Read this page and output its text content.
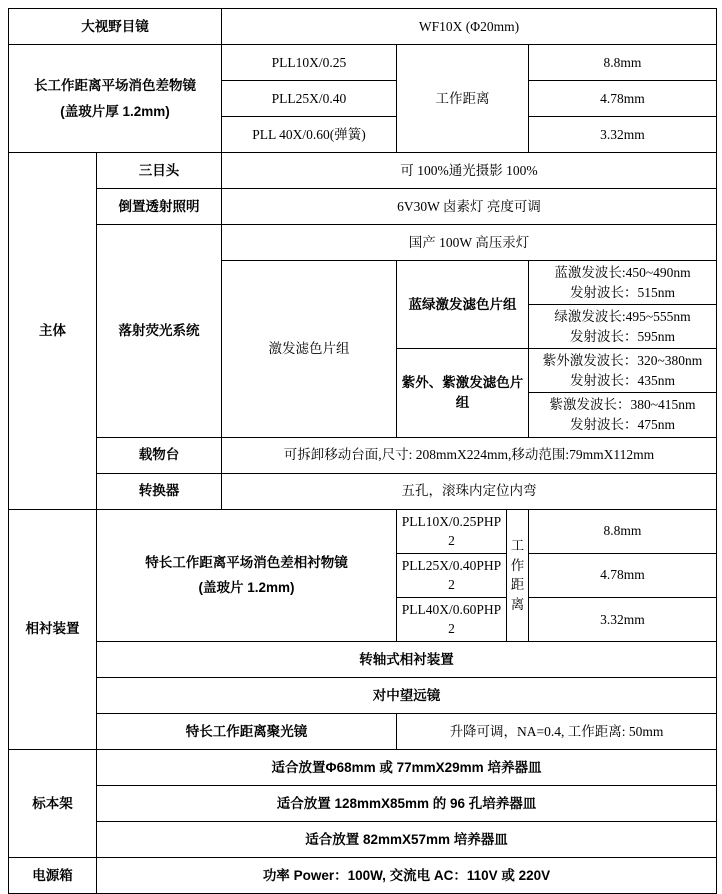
大视野目镜		WF10X (Φ20mm)			

长工作距离平场消色差物镜
(盖玻片厚 1.2mm)		PLL10X/0.25	工作距离		8.8mm
		PLL25X/0.40			4.78mm
		PLL 40X/0.60(弹簧)			3.32mm
主体	三目头	可 100%通光摄影 100%			
	倒置透射照明	6V30W 卤素灯 亮度可调			
	落射荧光系统	国产 100W 高压汞灯			
		激发滤色片组	蓝绿激发滤色片组		蓝激发波长:450~490nm
发射波长：515nm

					绿激发波长:495~555nm
发射波长：595nm

			紫外、紫激发滤色片组		紫外激发波长：320~380nm
发射波长：435nm

					紫激发波长：380~415nm
发射波长：475nm

	载物台	可拆卸移动台面,尺寸: 208mmX224mm,移动范围:79mmX112mm			
	转换器	五孔，滚珠内定位内弯			
相衬装置	特长工作距离平场消色差相衬物镜
(盖玻片 1.2mm)		PLL10X/0.25PHP2	工作距离	8.8mm
			PLL25X/0.40PHP2		4.78mm
			PLL40X/0.60PHP2		3.32mm
	转轴式相衬装置				
	对中望远镜				
	特长工作距离聚光镜		升降可调，NA=0.4, 工作距离: 50mm		
标本架	适合放置Φ68mm 或 77mmX29mm 培养器皿				
	适合放置 128mmX85mm 的 96 孔培养器皿				
	适合放置 82mmX57mm 培养器皿				
电源箱	功率 Power：100W, 交流电 AC：110V 或 220V				
